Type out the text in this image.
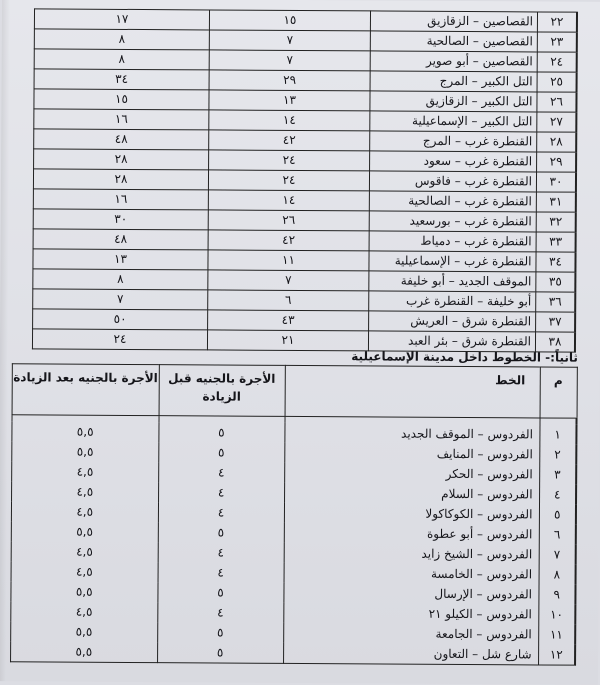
٢٢	القصاصين – الزقازيق	١٥	١٧
٢٣	القصاصين – الصالحية	٧	٨
٢٤	القصاصين – أبو صوير	٧	٨
٢٥	التل الكبير – المرج	٢٩	٣٤
٢٦	التل الكبير – الزقازيق	١٣	١٥
٢٧	التل الكبير – الإسماعيلية	١٤	١٦
٢٨	القنطرة غرب – المرج	٤٢	٤٨
٢٩	القنطرة غرب – سعود	٢٤	٢٨
٣٠	القنطرة غرب – فاقوس	٢٤	٢٨
٣١	القنطرة غرب – الصالحية	١٤	١٦
٣٢	القنطرة غرب – بورسعيد	٢٦	٣٠
٣٣	القنطرة غرب – دمياط	٤٢	٤٨
٣٤	القنطرة غرب – الإسماعيلية	١١	١٣
٣٥	الموقف الجديد – أبو خليفة	٧	٨
٣٦	أبو خليفة – القنطرة غرب	٦	٧
٣٧	القنطرة شرق – العريش	٤٣	٥٠
٣٨	القنطرة شرق – بئر العبد	٢١	٢٤
ثانياً:- الخطوط داخل مدينة الإسماعيلية
م	الخط	الأجرة بالجنيه قبل الزيادة	الأجرة بالجنيه بعد الزيادة

١	الفردوس – الموقف الجديد	٥	٥,٥
٢	الفردوس – المنايف	٥	٥,٥
٣	الفردوس – الحكر	٤	٤,٥
٤	الفردوس – السلام	٤	٤,٥
٥	الفردوس – الكوكاكولا	٤	٤,٥
٦	الفردوس – أبو عطوة	٥	٥,٥
٧	الفردوس – الشيخ زايد	٤	٤,٥
٨	الفردوس – الخامسة	٤	٤,٥
٩	الفردوس – الإرسال	٥	٥,٥
١٠	الفردوس – الكيلو ٢١	٤	٤,٥
١١	الفردوس – الجامعة	٥	٥,٥
١٢	شارع شل – التعاون	٥	٥,٥
